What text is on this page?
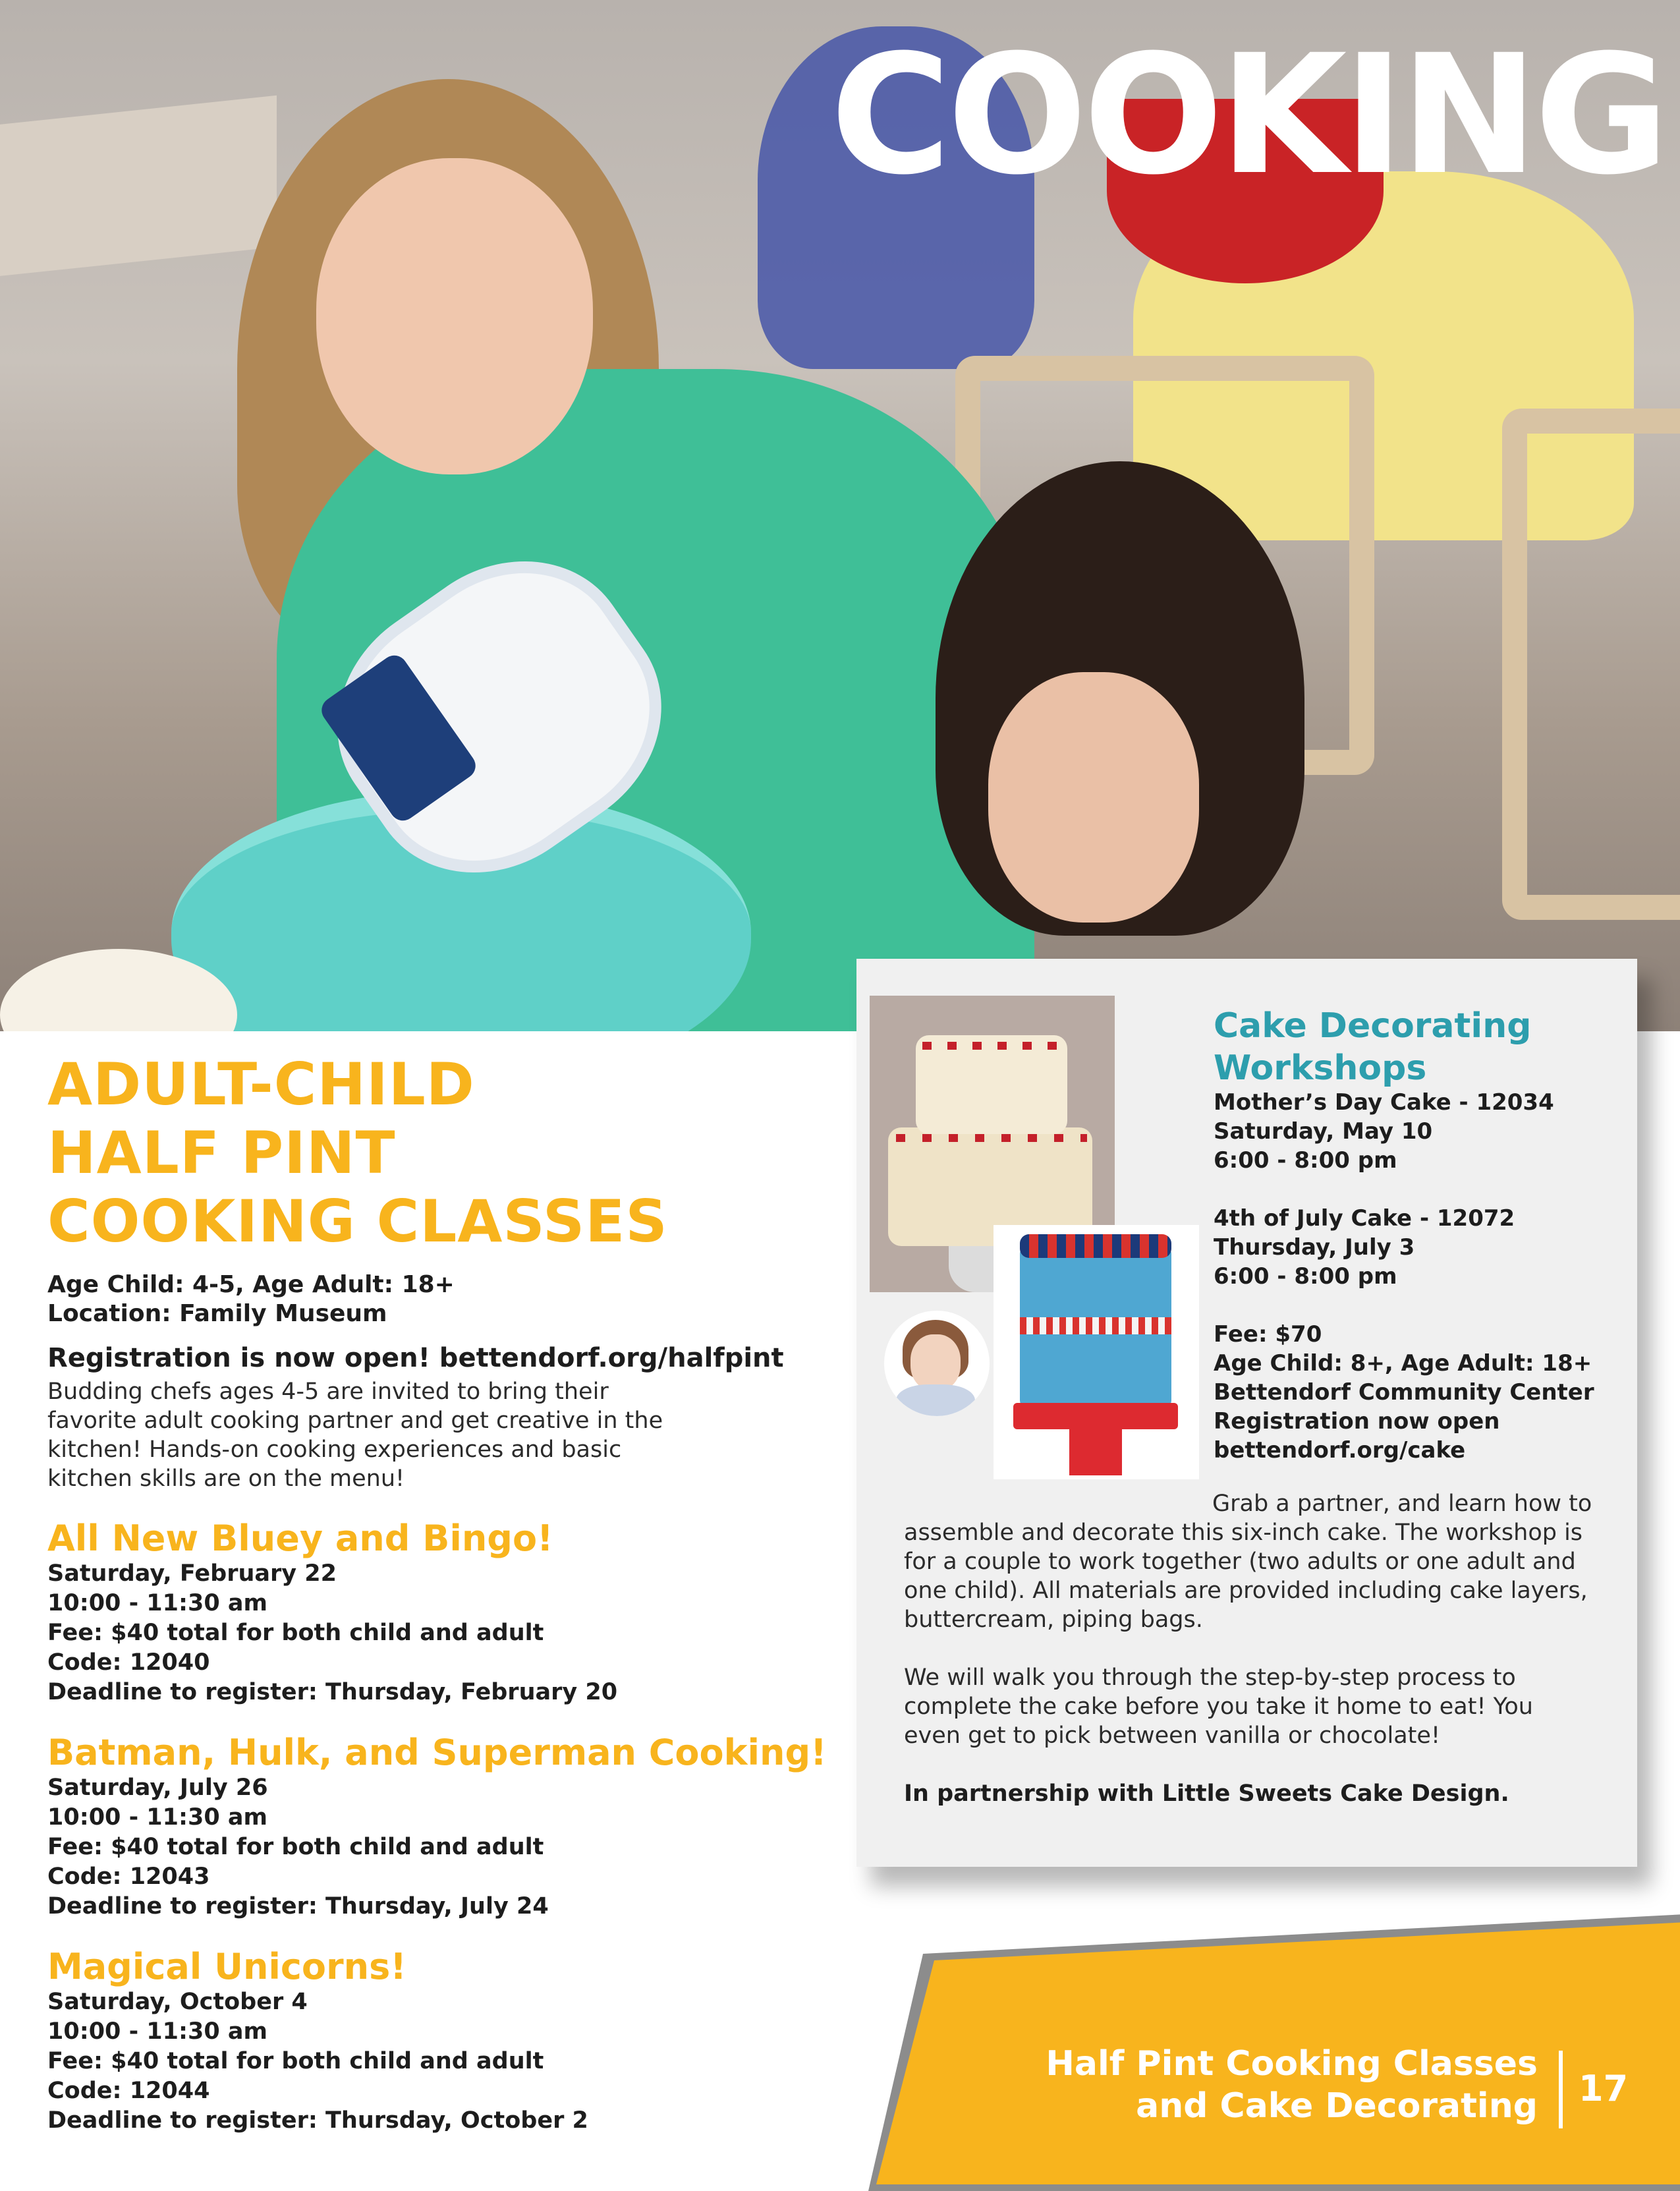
COOKING
ADULT-CHILD
HALF PINT
COOKING CLASSES
Age Child: 4-5, Age Adult: 18+
Location: Family Museum
Registration is now open! bettendorf.org/halfpint
Budding chefs ages 4-5 are invited to bring their
favorite adult cooking partner and get creative in the
kitchen! Hands-on cooking experiences and basic
kitchen skills are on the menu!
All New Bluey and Bingo!
Saturday, February 22
10:00 - 11:30 am
Fee: $40 total for both child and adult
Code: 12040
Deadline to register: Thursday, February 20
Batman, Hulk, and Superman Cooking!
Saturday, July 26
10:00 - 11:30 am
Fee: $40 total for both child and adult
Code: 12043
Deadline to register: Thursday, July 24
Magical Unicorns!
Saturday, October 4
10:00 - 11:30 am
Fee: $40 total for both child and adult
Code: 12044
Deadline to register: Thursday, October 2
Cake Decorating
Workshops
Mother’s Day Cake - 12034
Saturday, May 10
6:00 - 8:00 pm
4th of July Cake - 12072
Thursday, July 3
6:00 - 8:00 pm
Fee: $70
Age Child: 8+, Age Adult: 18+
Bettendorf Community Center
Registration now open
bettendorf.org/cake

Grab a partner, and learn how to
assemble and decorate this six-inch cake. The workshop is
for a couple to work together (two adults or one adult and
one child). All materials are provided including cake layers,
buttercream, piping bags.

We will walk you through the step-by-step process to
complete the cake before you take it home to eat! You
even get to pick between vanilla or chocolate!

In partnership with Little Sweets Cake Design.

Half Pint Cooking Classes
and Cake Decorating 17
